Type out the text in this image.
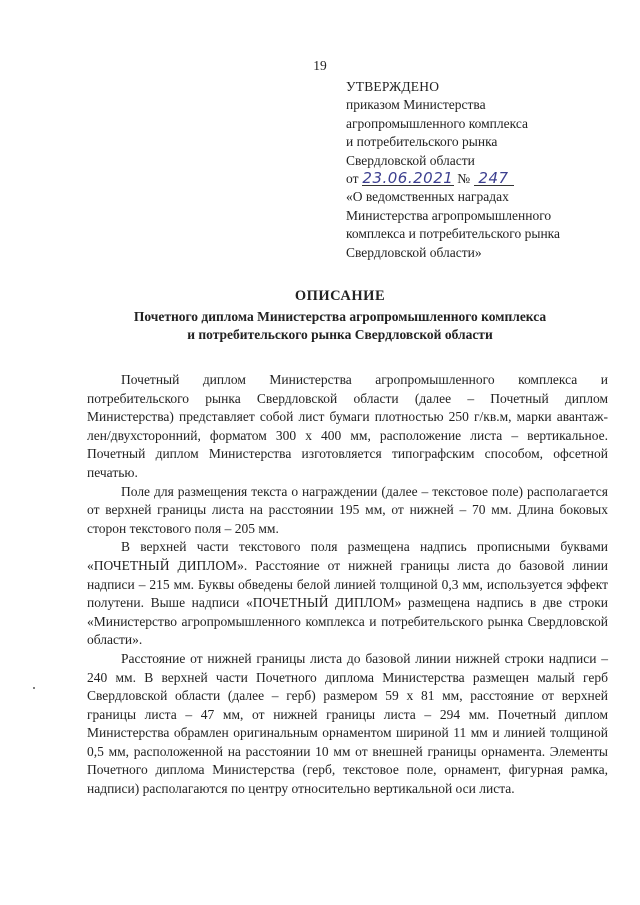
19
УТВЕРЖДЕНО
приказом Министерства
агропромышленного комплекса
и потребительского рынка
Свердловской области
от 23.06.2021 № 247
«О ведомственных наградах
Министерства агропромышленного
комплекса и потребительского рынка
Свердловской области»
ОПИСАНИЕ
Почетного диплома Министерства агропромышленного комплекса
и потребительского рынка Свердловской области

Почетный диплом Министерства агропромышленного комплекса и потребительского рынка Свердловской области (далее – Почетный диплом Министерства) представляет собой лист бумаги плотностью 250 г/кв.м, марки авантаж-лен/двухсторонний, форматом 300 х 400 мм, расположение листа – вертикальное. Почетный диплом Министерства изготовляется типографским способом, офсетной печатью.

Поле для размещения текста о награждении (далее – текстовое поле) располагается от верхней границы листа на расстоянии 195 мм, от нижней – 70 мм. Длина боковых сторон текстового поля – 205 мм.

В верхней части текстового поля размещена надпись прописными буквами «ПОЧЕТНЫЙ ДИПЛОМ». Расстояние от нижней границы листа до базовой линии надписи – 215 мм. Буквы обведены белой линией толщиной 0,3 мм, используется эффект полутени. Выше надписи «ПОЧЕТНЫЙ ДИПЛОМ» размещена надпись в две строки «Министерство агропромышленного комплекса и потребительского рынка Свердловской области».

Расстояние от нижней границы листа до базовой линии нижней строки надписи – 240 мм. В верхней части Почетного диплома Министерства размещен малый герб Свердловской области (далее – герб) размером 59 х 81 мм, расстояние от верхней границы листа – 47 мм, от нижней границы листа – 294 мм. Почетный диплом Министерства обрамлен оригинальным орнаментом шириной 11 мм и линией толщиной 0,5 мм, расположенной на расстоянии 10 мм от внешней границы орнамента. Элементы Почетного диплома Министерства (герб, текстовое поле, орнамент, фигурная рамка, надписи) располагаются по центру относительно вертикальной оси листа.
